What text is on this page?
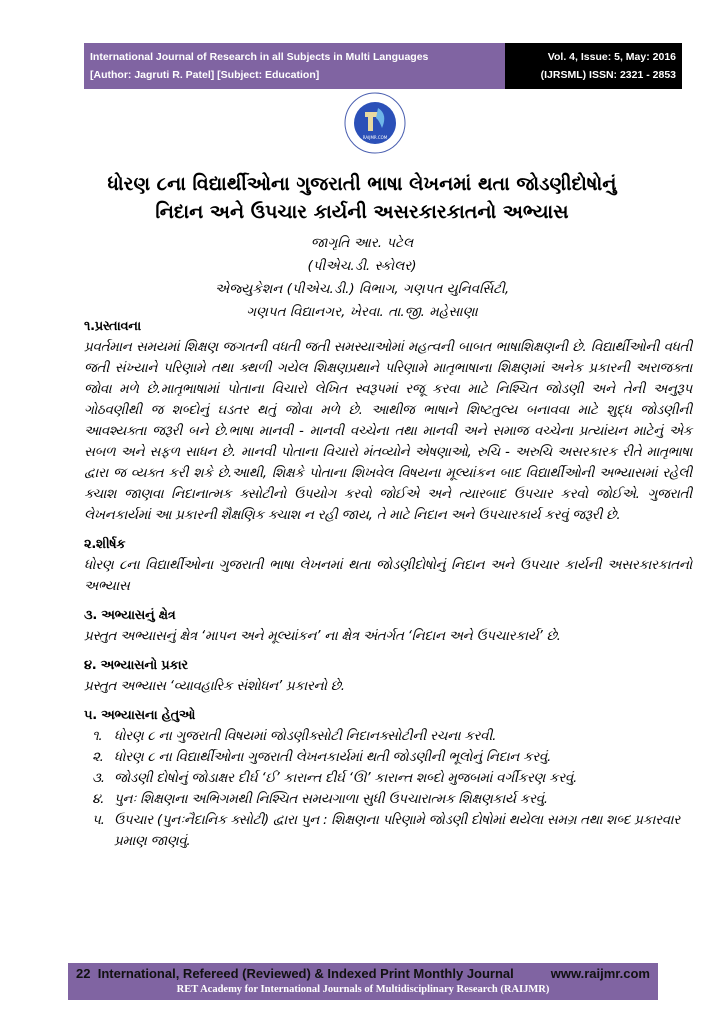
International Journal of Research in all Subjects in Multi Languages
[Author: Jagruti R. Patel] [Subject: Education]
Vol. 4, Issue: 5, May: 2016
(IJRSML) ISSN: 2321 - 2853
RAIJMR.COM
ધોરણ ૮ના વિદ્યાર્થીઓના ગુજરાતી ભાષા લેખનમાં થતા જોડણીદોષોનું
નિદાન અને ઉપચાર કાર્યની અસરકારકાતનો અભ્યાસ
જાગૃતિ આર. પટેલ
(પીએચ.ડી. સ્કોલર)
એજ્યુકેશન (પીએચ.ડી.) વિભાગ, ગણપત યુનિવર્સિટી,
ગણપત વિદ્યાનગર, ખેરવા. તા.જી. મહેસાણા

૧.પ્રસ્તાવના

પ્રવર્તમાન સમયમાં શિક્ષણ જગતની વધતી જતી સમસ્યાઓમાં મહત્વની બાબત ભાષાશિક્ષણની છે. વિદ્યાર્થીઓની વધતી જતી સંખ્યાને પરિણામે તથા ક્થળી ગયેલ શિક્ષણપ્રથાને પરિણામે માતૃભાષાના શિક્ષણમાં અનેક પ્રકારની અરાજક્તા જોવા મળે છે.માતૃભાષામાં પોતાના વિચારો લેખિત સ્વરૂપમાં રજૂ કરવા માટે નિશ્ચિત જોડણી અને તેની અનુરૂપ ગોઠવણીથી જ શબ્દોનું ઘડતર થતું જોવા મળે છે. આથીજ ભાષાને શિષ્ટતુલ્ય બનાવવા માટે શુદ્ધ જોડણીની આવશ્યક્તા જરૂરી બને છે.ભાષા માનવી - માનવી વચ્ચેના તથા માનવી અને સમાજ વચ્ચેના પ્રત્યાંયન માટેનું એક સબળ અને સફળ સાધન છે. માનવી પોતાના વિચારો મંતવ્યોને એષણાઓ, રુચિ - અરુચિ અસરકારક રીતે માતૃભાષા દ્વારા જ વ્યક્ત કરી શકે છે.આથી, શિક્ષકે પોતાના શિખવેલ વિષયના મૂલ્યાંકન બાદ વિદ્યાર્થીઓની અભ્યાસમાં રહેલી ક્ચાશ જાણવા નિદાનાત્મક ક્સોટીનો ઉપયોગ કરવો જોઈએ અને ત્યારબાદ ઉપચાર કરવો જોઈએ. ગુજરાતી લેખનકાર્યમાં આ પ્રકારની શૈક્ષણિક ક્ચાશ ન રહી જાય, તે માટે નિદાન અને ઉપચારકાર્ય કરવું જરૂરી છે.

૨.શીર્ષક

ધોરણ ૮ના વિદ્યાર્થીઓના ગુજરાતી ભાષા લેખનમાં થતા જોડણીદોષોનું નિદાન અને ઉપચાર કાર્યની અસરકારકાતનો અભ્યાસ

૩. અભ્યાસનું ક્ષેત્ર

પ્રસ્તુત અભ્યાસનું ક્ષેત્ર ‘માપન અને મૂલ્યાંકન’ ના ક્ષેત્ર અંતર્ગત ‘નિદાન અને ઉપચારકાર્ય’ છે.

૪. અભ્યાસનો પ્રકાર

પ્રસ્તુત અભ્યાસ ‘વ્યાવહારિક સંશોધન’ પ્રકારનો છે.

૫. અભ્યાસના હેતુઓ

૧. ધોરણ ૮ ના ગુજરાતી વિષયમાં જોડણીક્સોટી નિદાનક્સોટીની રચના કરવી.
૨. ધોરણ ૮ ના વિદ્યાર્થીઓના ગુજરાતી લેખનકાર્યમાં થતી જોડણીની ભૂલોનું નિદાન કરવું.
૩. જોડણી દોષોનું જોડાક્ષર દીર્ઘ ‘ઈ’ કારાન્ત દીર્ઘ ‘ઊ’ કારાન્ત શબ્દો મુજબમાં વર્ગીકરણ કરવું.
૪. પુનઃ શિક્ષણના અભિગમથી નિશ્ચિત સમયગાળા સુધી ઉપચારાત્મક શિક્ષણકાર્ય કરવું.
૫. ઉપચાર (પુનઃનૈદાનિક ક્સોટી) દ્વારા પુન : શિક્ષણના પરિણામે જોડણી દોષોમાં થયેલા સમગ્ર તથા શબ્દ પ્રકારવાર પ્રમાણ જાણવું.
22 International, Refereed (Reviewed) & Indexed Print Monthly Journal	www.raijmr.com
RET Academy for International Journals of Multidisciplinary Research (RAIJMR)
